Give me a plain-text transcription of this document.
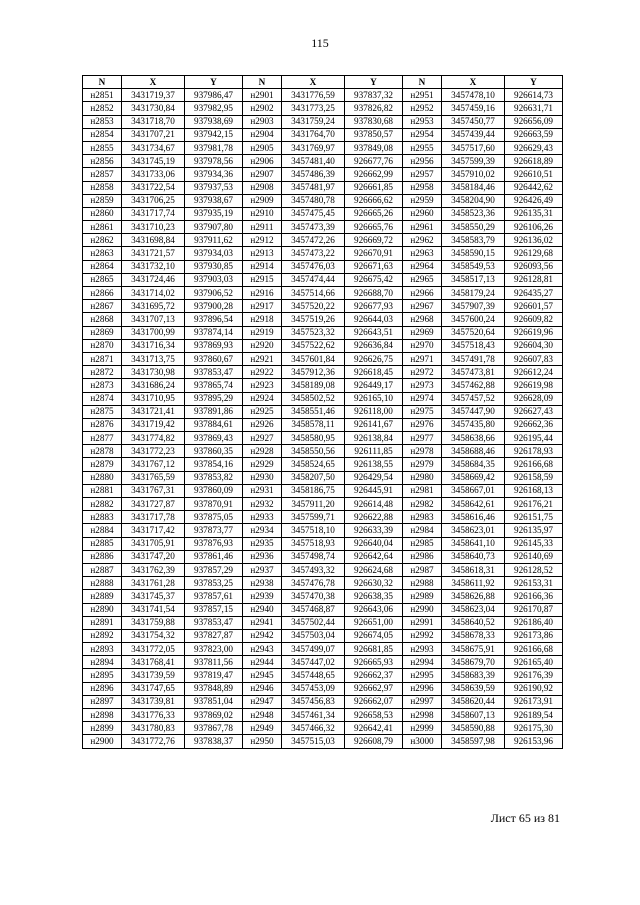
115
N	X	Y	N	X	Y	N	X	Y
н2851	3431719,37	937986,47	н2901	3431776,59	937837,32	н2951	3457478,10	926614,73
н2852	3431730,84	937982,95	н2902	3431773,25	937826,82	н2952	3457459,16	926631,71
н2853	3431718,70	937938,69	н2903	3431759,24	937830,68	н2953	3457450,77	926656,09
н2854	3431707,21	937942,15	н2904	3431764,70	937850,57	н2954	3457439,44	926663,59
н2855	3431734,67	937981,78	н2905	3431769,97	937849,08	н2955	3457517,60	926629,43
н2856	3431745,19	937978,56	н2906	3457481,40	926677,76	н2956	3457599,39	926618,89
н2857	3431733,06	937934,36	н2907	3457486,39	926662,99	н2957	3457910,02	926610,51
н2858	3431722,54	937937,53	н2908	3457481,97	926661,85	н2958	3458184,46	926442,62
н2859	3431706,25	937938,67	н2909	3457480,78	926666,62	н2959	3458204,90	926426,49
н2860	3431717,74	937935,19	н2910	3457475,45	926665,26	н2960	3458523,36	926135,31
н2861	3431710,23	937907,80	н2911	3457473,39	926665,76	н2961	3458550,29	926106,26
н2862	3431698,84	937911,62	н2912	3457472,26	926669,72	н2962	3458583,79	926136,02
н2863	3431721,57	937934,03	н2913	3457473,22	926670,91	н2963	3458590,15	926129,68
н2864	3431732,10	937930,85	н2914	3457476,03	926671,63	н2964	3458549,53	926093,56
н2865	3431724,46	937903,03	н2915	3457474,44	926675,42	н2965	3458517,13	926128,81
н2866	3431714,02	937906,52	н2916	3457514,66	926688,70	н2966	3458179,24	926435,27
н2867	3431695,72	937900,28	н2917	3457520,22	926677,93	н2967	3457907,39	926601,57
н2868	3431707,13	937896,54	н2918	3457519,26	926644,03	н2968	3457600,24	926609,82
н2869	3431700,99	937874,14	н2919	3457523,32	926643,51	н2969	3457520,64	926619,96
н2870	3431716,34	937869,93	н2920	3457522,62	926636,84	н2970	3457518,43	926604,30
н2871	3431713,75	937860,67	н2921	3457601,84	926626,75	н2971	3457491,78	926607,83
н2872	3431730,98	937853,47	н2922	3457912,36	926618,45	н2972	3457473,81	926612,24
н2873	3431686,24	937865,74	н2923	3458189,08	926449,17	н2973	3457462,88	926619,98
н2874	3431710,95	937895,29	н2924	3458502,52	926165,10	н2974	3457457,52	926628,09
н2875	3431721,41	937891,86	н2925	3458551,46	926118,00	н2975	3457447,90	926627,43
н2876	3431719,42	937884,61	н2926	3458578,11	926141,67	н2976	3457435,80	926662,36
н2877	3431774,82	937869,43	н2927	3458580,95	926138,84	н2977	3458638,66	926195,44
н2878	3431772,23	937860,35	н2928	3458550,56	926111,85	н2978	3458688,46	926178,93
н2879	3431767,12	937854,16	н2929	3458524,65	926138,55	н2979	3458684,35	926166,68
н2880	3431765,59	937853,82	н2930	3458207,50	926429,54	н2980	3458669,42	926158,59
н2881	3431767,31	937860,09	н2931	3458186,75	926445,91	н2981	3458667,01	926168,13
н2882	3431727,87	937870,91	н2932	3457911,20	926614,48	н2982	3458642,61	926176,21
н2883	3431717,78	937875,05	н2933	3457599,71	926622,88	н2983	3458616,46	926151,75
н2884	3431717,42	937873,77	н2934	3457518,10	926633,39	н2984	3458623,01	926135,97
н2885	3431705,91	937876,93	н2935	3457518,93	926640,04	н2985	3458641,10	926145,33
н2886	3431747,20	937861,46	н2936	3457498,74	926642,64	н2986	3458640,73	926140,69
н2887	3431762,39	937857,29	н2937	3457493,32	926624,68	н2987	3458618,31	926128,52
н2888	3431761,28	937853,25	н2938	3457476,78	926630,32	н2988	3458611,92	926153,31
н2889	3431745,37	937857,61	н2939	3457470,38	926638,35	н2989	3458626,88	926166,36
н2890	3431741,54	937857,15	н2940	3457468,87	926643,06	н2990	3458623,04	926170,87
н2891	3431759,88	937853,47	н2941	3457502,44	926651,00	н2991	3458640,52	926186,40
н2892	3431754,32	937827,87	н2942	3457503,04	926674,05	н2992	3458678,33	926173,86
н2893	3431772,05	937823,00	н2943	3457499,07	926681,85	н2993	3458675,91	926166,68
н2894	3431768,41	937811,56	н2944	3457447,02	926665,93	н2994	3458679,70	926165,40
н2895	3431739,59	937819,47	н2945	3457448,65	926662,37	н2995	3458683,39	926176,39
н2896	3431747,65	937848,89	н2946	3457453,09	926662,97	н2996	3458639,59	926190,92
н2897	3431739,81	937851,04	н2947	3457456,83	926662,07	н2997	3458620,44	926173,91
н2898	3431776,33	937869,02	н2948	3457461,34	926658,53	н2998	3458607,13	926189,54
н2899	3431780,83	937867,78	н2949	3457466,32	926642,41	н2999	3458590,88	926175,30
н2900	3431772,76	937838,37	н2950	3457515,03	926608,79	н3000	3458597,98	926153,96
Лист 65 из 81
